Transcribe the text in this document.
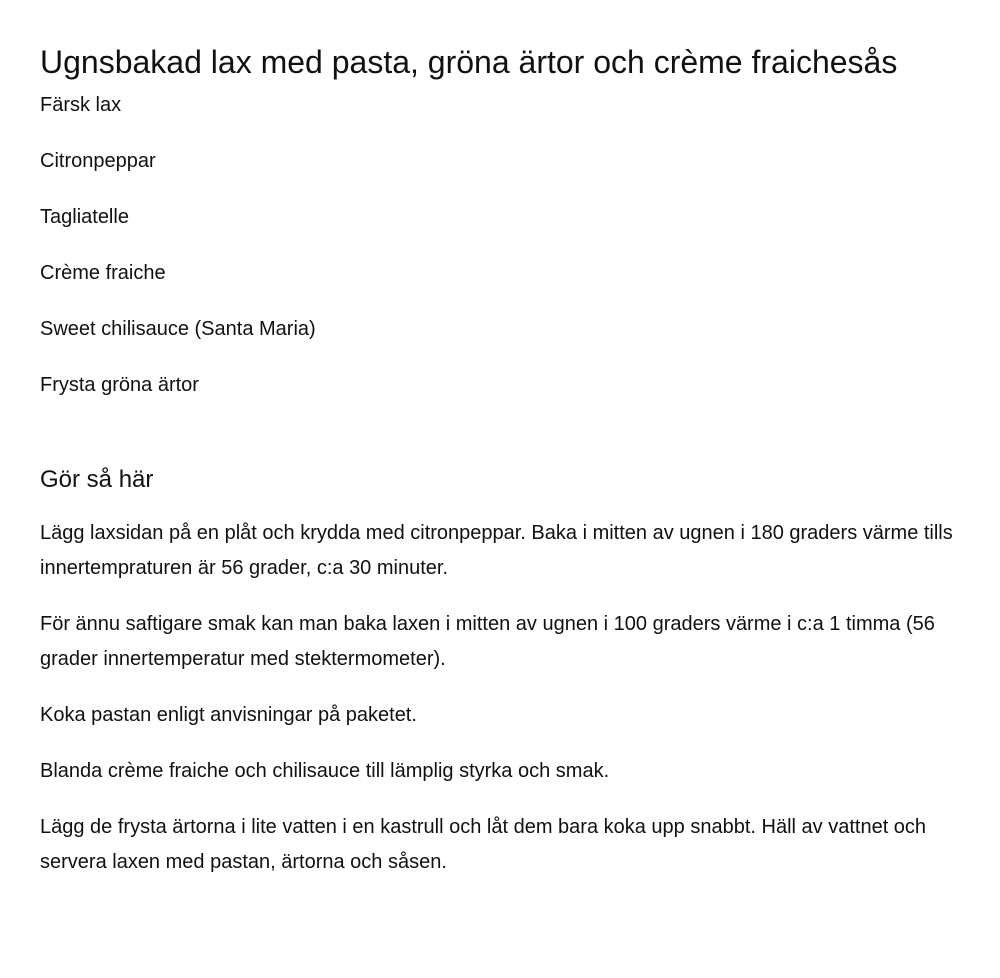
Ugnsbakad lax med pasta, gröna ärtor och crème fraichesås
Färsk lax
Citronpeppar
Tagliatelle
Crème fraiche
Sweet chilisauce (Santa Maria)
Frysta gröna ärtor
Gör så här

Lägg laxsidan på en plåt och krydda med citronpeppar. Baka i mitten av ugnen i 180 graders värme tills innertempraturen är 56 grader, c:a 30 minuter.

För ännu saftigare smak kan man baka laxen i mitten av ugnen i 100 graders värme i c:a 1 timma (56 grader innertemperatur med stektermometer).

Koka pastan enligt anvisningar på paketet.

Blanda crème fraiche och chilisauce till lämplig styrka och smak.

Lägg de frysta ärtorna i lite vatten i en kastrull och låt dem bara koka upp snabbt. Häll av vattnet och servera laxen med pastan, ärtorna och såsen.
